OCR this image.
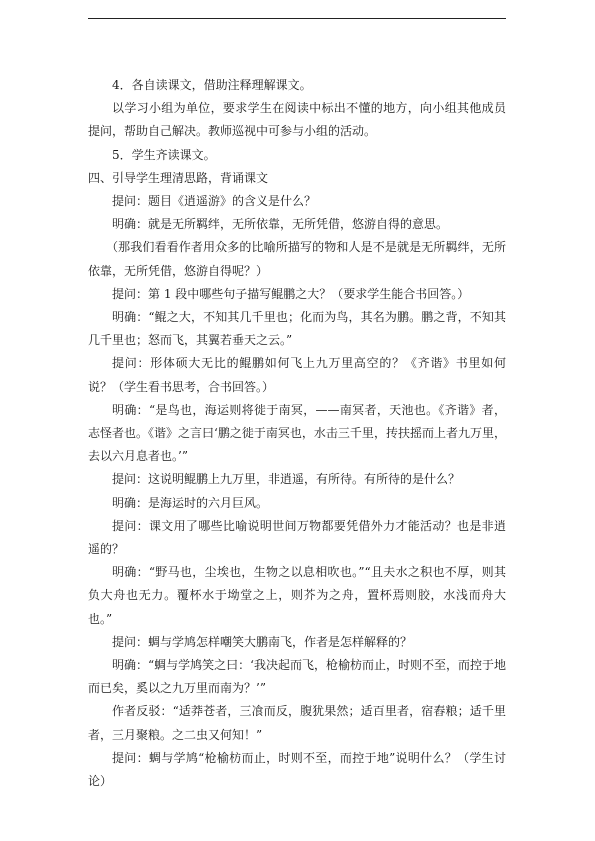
4．各自读课文，借助注释理解课文。

以学习小组为单位，要求学生在阅读中标出不懂的地方，向小组其他成员提问，帮助自己解决。教师巡视中可参与小组的活动。

5．学生齐读课文。

四、引导学生理清思路，背诵课文

提问：题目《逍遥游》的含义是什么？

明确：就是无所羁绊，无所依靠，无所凭借，悠游自得的意思。

（那我们看看作者用众多的比喻所描写的物和人是不是就是无所羁绊，无所依靠，无所凭借，悠游自得呢？）

提问：第 1 段中哪些句子描写鲲鹏之大？（要求学生能合书回答。）

明确：“鲲之大，不知其几千里也；化而为鸟，其名为鹏。鹏之背，不知其几千里也；怒而飞，其翼若垂天之云。”

提问：形体硕大无比的鲲鹏如何飞上九万里高空的？《齐谐》书里如何说？（学生看书思考，合书回答。）

明确：“是鸟也，海运则将徙于南冥，——南冥者，天池也。《齐谐》者，志怪者也。《谐》之言曰‘鹏之徙于南冥也，水击三千里，抟扶摇而上者九万里，去以六月息者也。’”

提问：这说明鲲鹏上九万里，非逍遥，有所待。有所待的是什么？

明确：是海运时的六月巨风。

提问：课文用了哪些比喻说明世间万物都要凭借外力才能活动？也是非逍遥的？

明确：“野马也，尘埃也，生物之以息相吹也。”“且夫水之积也不厚，则其负大舟也无力。覆杯水于坳堂之上，则芥为之舟，置杯焉则胶，水浅而舟大也。”

提问：蜩与学鸠怎样嘲笑大鹏南飞，作者是怎样解释的？

明确：“蜩与学鸠笑之曰：‘我决起而飞，枪榆枋而止，时则不至，而控于地而已矣，奚以之九万里而南为？’”

作者反驳：“适莽苍者，三飡而反，腹犹果然；适百里者，宿舂粮；适千里者，三月聚粮。之二虫又何知！”

提问：蜩与学鸠“枪榆枋而止，时则不至，而控于地”说明什么？（学生讨论）
